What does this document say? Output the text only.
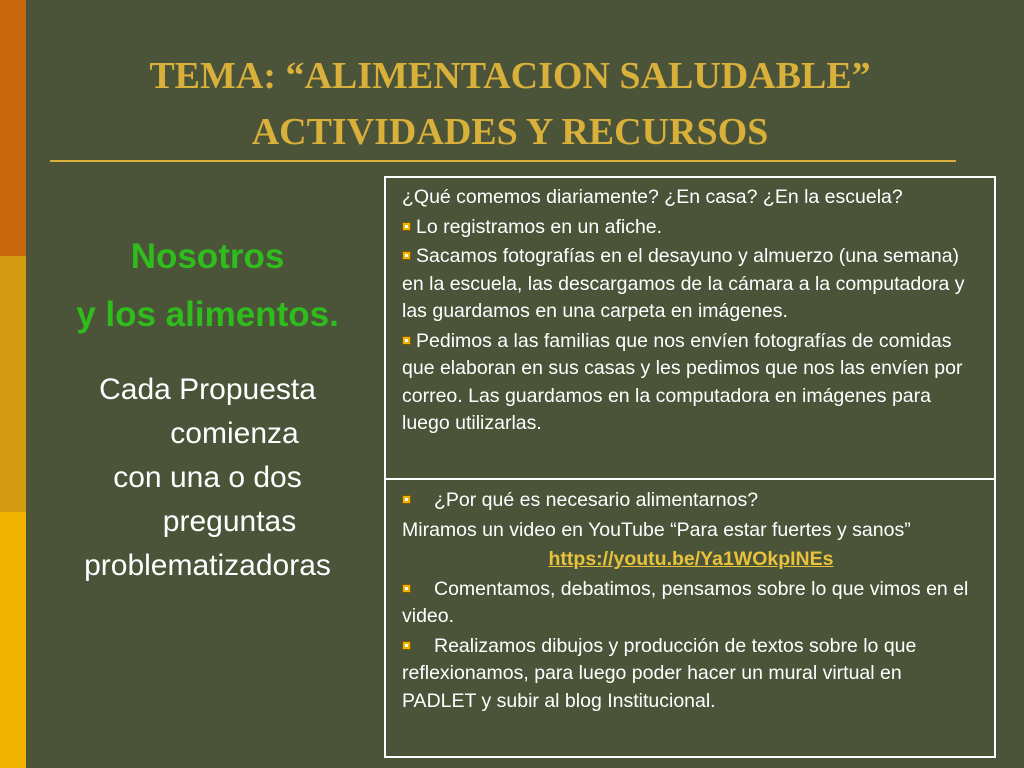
TEMA: “ALIMENTACION SALUDABLE”
ACTIVIDADES Y RECURSOS
Nosotros
y los alimentos.
Cada Propuesta
comienza
con una o dos
preguntas
problematizadoras

¿Qué comemos diariamente? ¿En casa? ¿En la escuela?

Lo registramos en un afiche.

Sacamos fotografías en el desayuno y almuerzo (una semana) en la escuela, las descargamos de la cámara a la computadora y las guardamos en una carpeta en imágenes.

Pedimos a las familias que nos envíen fotografías de comidas que elaboran en sus casas y les pedimos que nos las envíen por correo. Las guardamos en la computadora en imágenes para luego utilizarlas.

¿Por qué es necesario alimentarnos?

Miramos un video en YouTube “Para estar fuertes y sanos”

https://youtu.be/Ya1WOkpINEs

Comentamos, debatimos, pensamos sobre lo que vimos en el video.

Realizamos dibujos y producción de textos sobre lo que reflexionamos, para luego poder hacer un mural virtual en PADLET y subir al blog Institucional.
